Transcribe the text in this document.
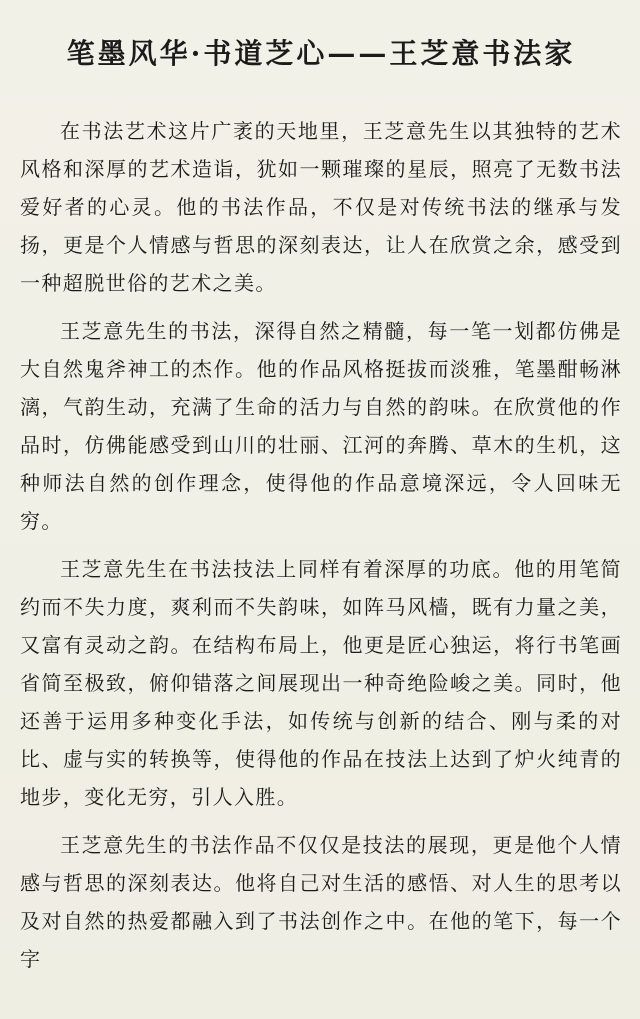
笔墨风华·书道芝心——王芝意书法家

在书法艺术这片广袤的天地里，王芝意先生以其独特的艺术风格和深厚的艺术造诣，犹如一颗璀璨的星辰，照亮了无数书法爱好者的心灵。他的书法作品，不仅是对传统书法的继承与发扬，更是个人情感与哲思的深刻表达，让人在欣赏之余，感受到一种超脱世俗的艺术之美。

王芝意先生的书法，深得自然之精髓，每一笔一划都仿佛是大自然鬼斧神工的杰作。他的作品风格挺拔而淡雅，笔墨酣畅淋漓，气韵生动，充满了生命的活力与自然的韵味。在欣赏他的作品时，仿佛能感受到山川的壮丽、江河的奔腾、草木的生机，这种师法自然的创作理念，使得他的作品意境深远，令人回味无穷。

王芝意先生在书法技法上同样有着深厚的功底。他的用笔简约而不失力度，爽利而不失韵味，如阵马风樯，既有力量之美，又富有灵动之韵。在结构布局上，他更是匠心独运，将行书笔画省简至极致，俯仰错落之间展现出一种奇绝险峻之美。同时，他还善于运用多种变化手法，如传统与创新的结合、刚与柔的对比、虚与实的转换等，使得他的作品在技法上达到了炉火纯青的地步，变化无穷，引人入胜。

王芝意先生的书法作品不仅仅是技法的展现，更是他个人情感与哲思的深刻表达。他将自己对生活的感悟、对人生的思考以及对自然的热爱都融入到了书法创作之中。在他的笔下，每一个字
